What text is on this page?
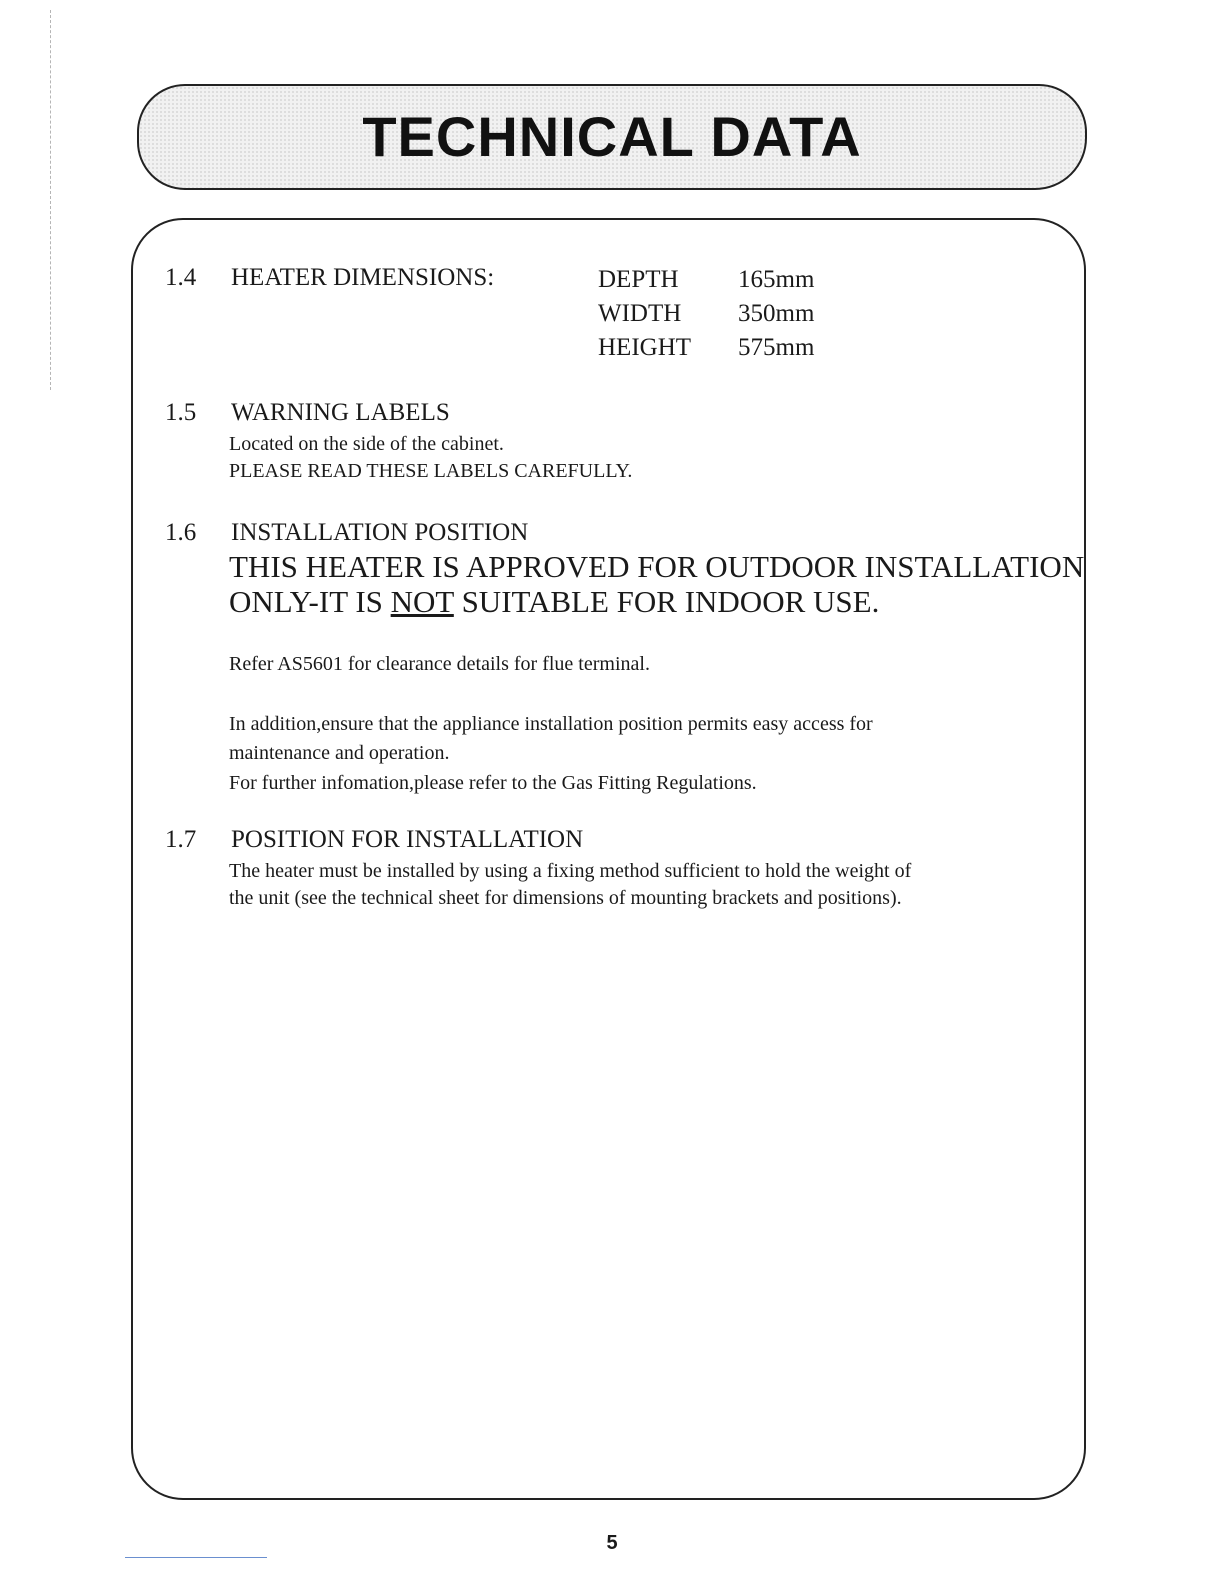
TECHNICAL DATA
1.4 HEATER DIMENSIONS:	DEPTH 165mm
WIDTH 350mm
HEIGHT 575mm
1.5 WARNING LABELS
Located on the side of the cabinet.
PLEASE READ THESE LABELS CAREFULLY.
1.6 INSTALLATION POSITION
THIS HEATER IS APPROVED FOR OUTDOOR INSTALLATION
ONLY-IT IS NOT SUITABLE FOR INDOOR USE.
Refer AS5601 for clearance details for flue terminal.
In addition,ensure that the appliance installation position permits easy access for
maintenance and operation.
For further infomation,please refer to the Gas Fitting Regulations.
1.7 POSITION FOR INSTALLATION
The heater must be installed by using a fixing method sufficient to hold the weight of
the unit (see the technical sheet for dimensions of mounting brackets and positions).
5
